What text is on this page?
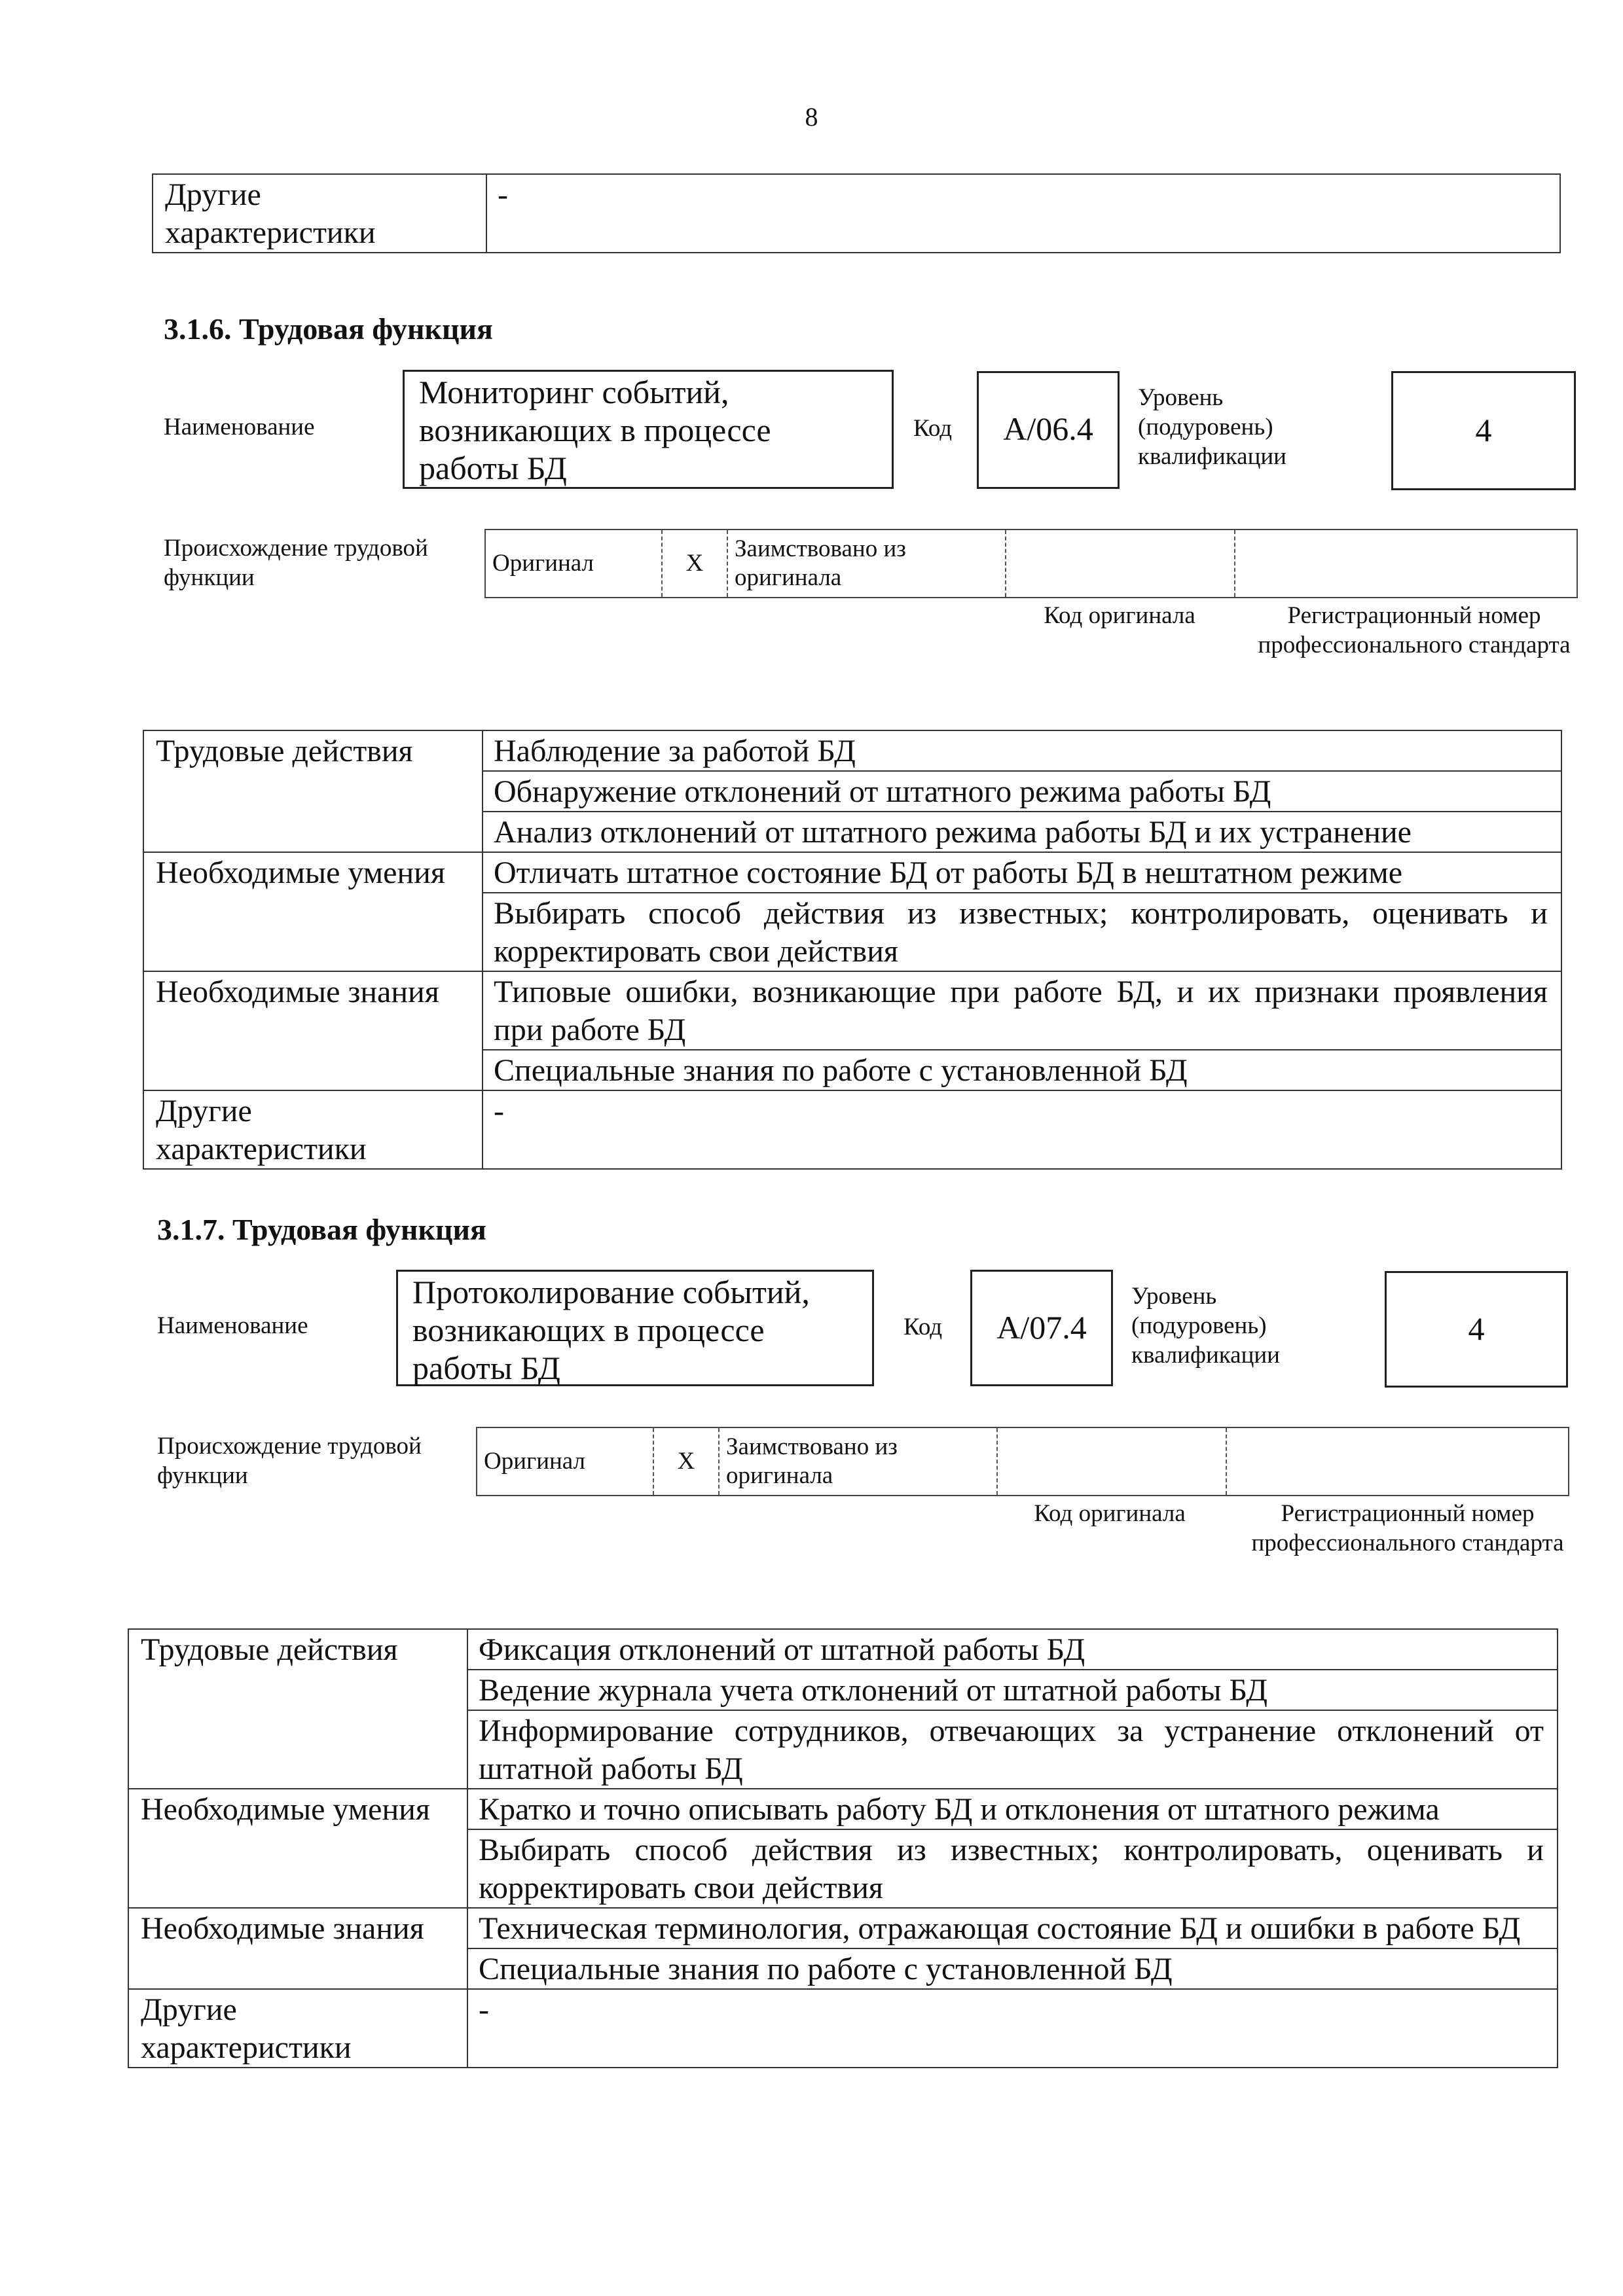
8
Другие характеристики	-
3.1.6. Трудовая функция
Наименование
Мониторинг событий, возникающих в процессе работы БД
Код	А/06.4
Уровень (подуровень) квалификации
4
Происхождение трудовой функции
Оригинал	Х	Заимствовано из оригинала		
Код оригинала	Регистрационный номер профессионального стандарта
Трудовые действия	Наблюдение за работой БД
	Обнаружение отклонений от штатного режима работы БД
	Анализ отклонений от штатного режима работы БД и их устранение
Необходимые умения	Отличать штатное состояние БД от работы БД в нештатном режиме
	Выбирать способ действия из известных; контролировать, оценивать и корректировать свои действия
Необходимые знания	Типовые ошибки, возникающие при работе БД, и их признаки проявления при работе БД
	Специальные знания по работе с установленной БД
Другие характеристики	-
3.1.7. Трудовая функция
Наименование
Протоколирование событий, возникающих в процессе работы БД
Код	А/07.4
Уровень (подуровень) квалификации
4
Происхождение трудовой функции
Оригинал	Х	Заимствовано из оригинала		
Код оригинала	Регистрационный номер профессионального стандарта
Трудовые действия	Фиксация отклонений от штатной работы БД
	Ведение журнала учета отклонений от штатной работы БД
	Информирование сотрудников, отвечающих за устранение отклонений от штатной работы БД
Необходимые умения	Кратко и точно описывать работу БД и отклонения от штатного режима
	Выбирать способ действия из известных; контролировать, оценивать и корректировать свои действия
Необходимые знания	Техническая терминология, отражающая состояние БД и ошибки в работе БД
	Специальные знания по работе с установленной БД
Другие характеристики	-
